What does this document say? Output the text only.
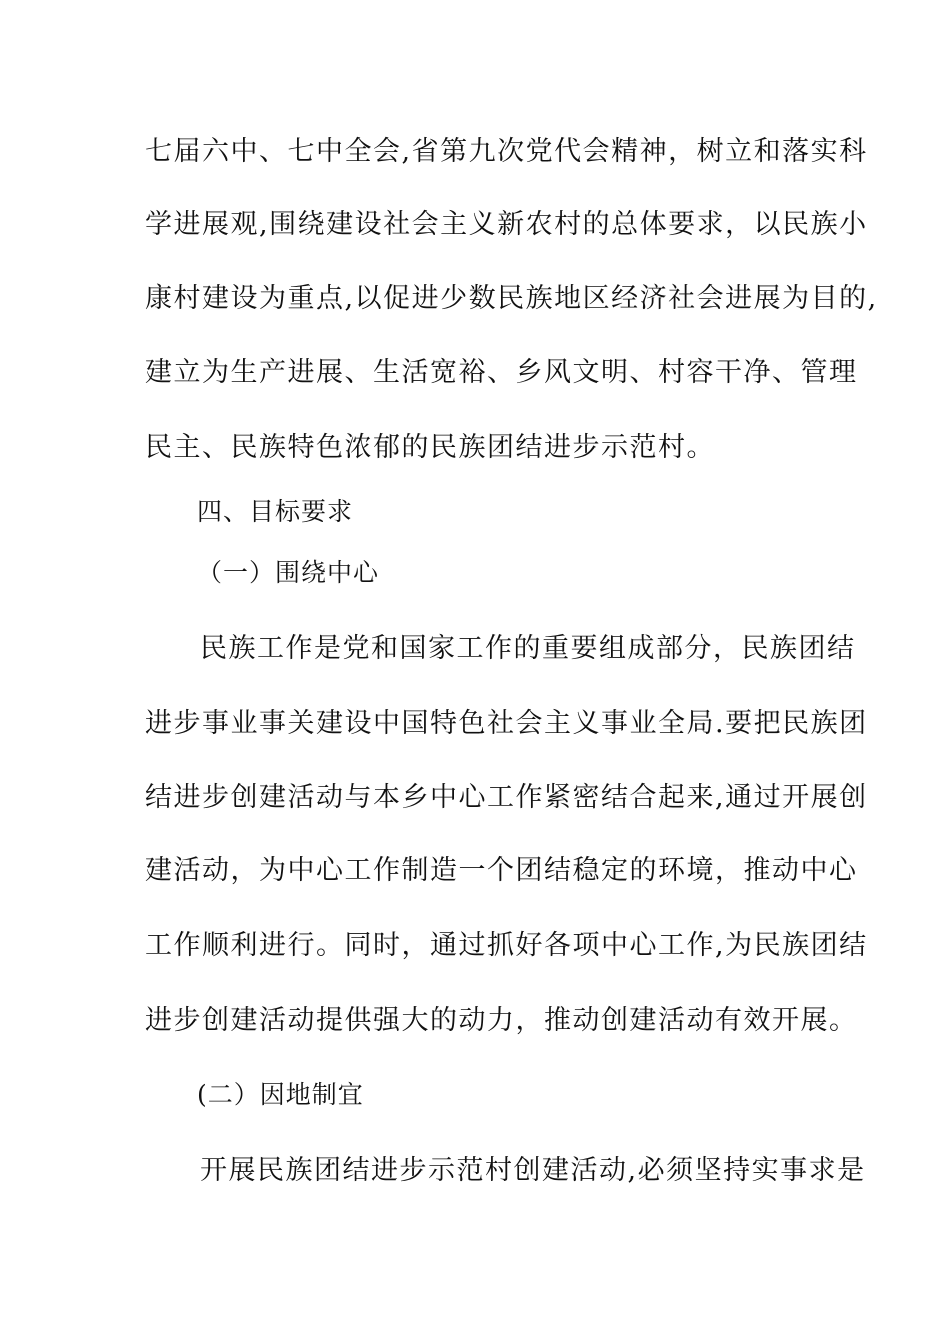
七届六中、七中全会,省第九次党代会精神，树立和落实科
学进展观,围绕建设社会主义新农村的总体要求，以民族小
康村建设为重点,以促进少数民族地区经济社会进展为目的,
建立为生产进展、生活宽裕、乡风文明、村容干净、管理
民主、民族特色浓郁的民族团结进步示范村。
四、目标要求
（一）围绕中心
民族工作是党和国家工作的重要组成部分，民族团结
进步事业事关建设中国特色社会主义事业全局.要把民族团
结进步创建活动与本乡中心工作紧密结合起来,通过开展创
建活动，为中心工作制造一个团结稳定的环境，推动中心
工作顺利进行。同时，通过抓好各项中心工作,为民族团结
进步创建活动提供强大的动力，推动创建活动有效开展。
(二）因地制宜
开展民族团结进步示范村创建活动,必须坚持实事求是
